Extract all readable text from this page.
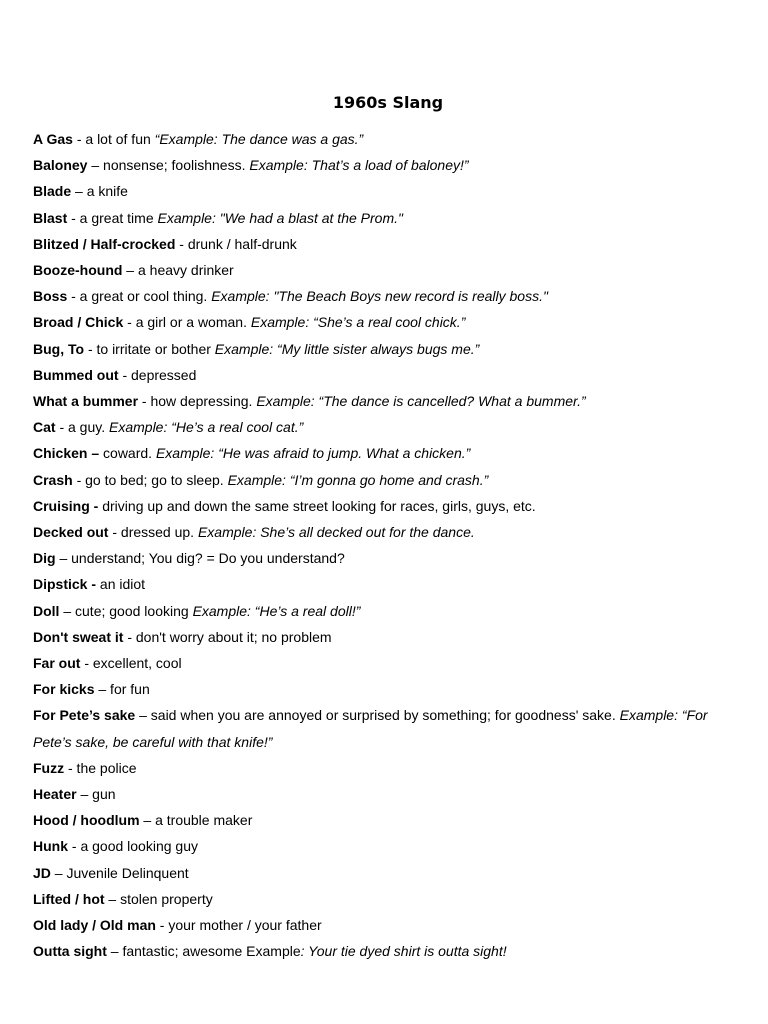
1960s Slang
A Gas - a lot of fun “Example: The dance was a gas.”
Baloney – nonsense; foolishness. Example: That’s a load of baloney!”
Blade – a knife
Blast - a great time Example: "We had a blast at the Prom."
Blitzed / Half-crocked - drunk / half-drunk
Booze-hound – a heavy drinker
Boss - a great or cool thing. Example: "The Beach Boys new record is really boss."
Broad / Chick - a girl or a woman. Example: “She’s a real cool chick.”
Bug, To - to irritate or bother Example: “My little sister always bugs me.”
Bummed out - depressed
What a bummer - how depressing. Example: “The dance is cancelled? What a bummer.”
Cat - a guy. Example: “He’s a real cool cat.”
Chicken – coward. Example: “He was afraid to jump. What a chicken.”
Crash - go to bed; go to sleep. Example: “I’m gonna go home and crash.”
Cruising - driving up and down the same street looking for races, girls, guys, etc.
Decked out - dressed up. Example: She’s all decked out for the dance.
Dig – understand; You dig? = Do you understand?
Dipstick - an idiot
Doll – cute; good looking Example: “He’s a real doll!”
Don't sweat it - don't worry about it; no problem
Far out - excellent, cool
For kicks – for fun
For Pete’s sake – said when you are annoyed or surprised by something; for goodness' sake. Example: “For Pete’s sake, be careful with that knife!”
Fuzz - the police
Heater – gun
Hood / hoodlum – a trouble maker
Hunk - a good looking guy
JD – Juvenile Delinquent
Lifted / hot – stolen property
Old lady / Old man - your mother / your father
Outta sight – fantastic; awesome Example: Your tie dyed shirt is outta sight!
